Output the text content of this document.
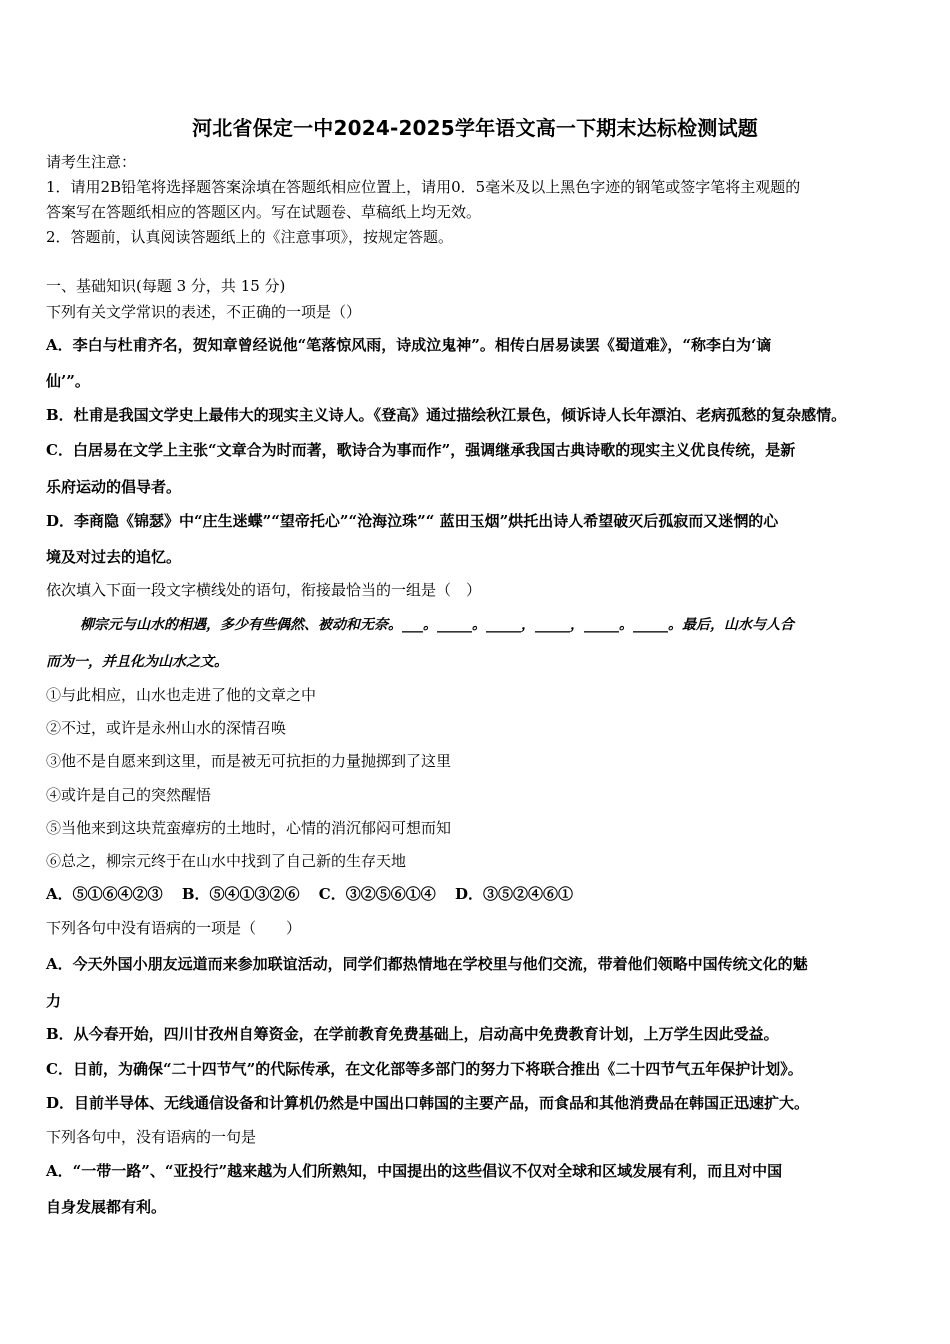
河北省保定一中2024-2025学年语文高一下期末达标检测试题
请考生注意：
1．请用2B铅笔将选择题答案涂填在答题纸相应位置上，请用0．5毫米及以上黑色字迹的钢笔或签字笔将主观题的
答案写在答题纸相应的答题区内。写在试题卷、草稿纸上均无效。
2．答题前，认真阅读答题纸上的《注意事项》，按规定答题。
一、基础知识(每题 3 分，共 15 分)
下列有关文学常识的表述，不正确的一项是（）
A．李白与杜甫齐名，贺知章曾经说他“笔落惊风雨，诗成泣鬼神”。相传白居易读罢《蜀道难》，“称李白为‘谪
仙’”。
B．杜甫是我国文学史上最伟大的现实主义诗人。《登高》通过描绘秋江景色，倾诉诗人长年漂泊、老病孤愁的复杂感情。
C．白居易在文学上主张“文章合为时而著，歌诗合为事而作”，强调继承我国古典诗歌的现实主义优良传统，是新
乐府运动的倡导者。
D．李商隐《锦瑟》中“庄生迷蝶”“望帝托心”“沧海泣珠”“ 蓝田玉烟”烘托出诗人希望破灭后孤寂而又迷惘的心
境及对过去的追忆。
依次填入下面一段文字横线处的语句，衔接最恰当的一组是（　）
柳宗元与山水的相遇，多少有些偶然、被动和无奈。___。_____。_____，_____，_____。_____。最后，山水与人合
而为一，并且化为山水之文。
①与此相应，山水也走进了他的文章之中
②不过，或许是永州山水的深情召唤
③他不是自愿来到这里，而是被无可抗拒的力量抛掷到了这里
④或许是自己的突然醒悟
⑤当他来到这块荒蛮瘴疠的土地时，心情的消沉郁闷可想而知
⑥总之，柳宗元终于在山水中找到了自己新的生存天地
A．⑤①⑥④②③ B．⑤④①③②⑥ C．③②⑤⑥①④ D．③⑤②④⑥①
下列各句中没有语病的一项是（　　）
A．今天外国小朋友远道而来参加联谊活动，同学们都热情地在学校里与他们交流，带着他们领略中国传统文化的魅
力
B．从今春开始，四川甘孜州自筹资金，在学前教育免费基础上，启动高中免费教育计划，上万学生因此受益。
C．日前，为确保“二十四节气”的代际传承，在文化部等多部门的努力下将联合推出《二十四节气五年保护计划》。
D．目前半导体、无线通信设备和计算机仍然是中国出口韩国的主要产品，而食品和其他消费品在韩国正迅速扩大。
下列各句中，没有语病的一句是
A．“一带一路”、“亚投行”越来越为人们所熟知，中国提出的这些倡议不仅对全球和区域发展有利，而且对中国
自身发展都有利。
